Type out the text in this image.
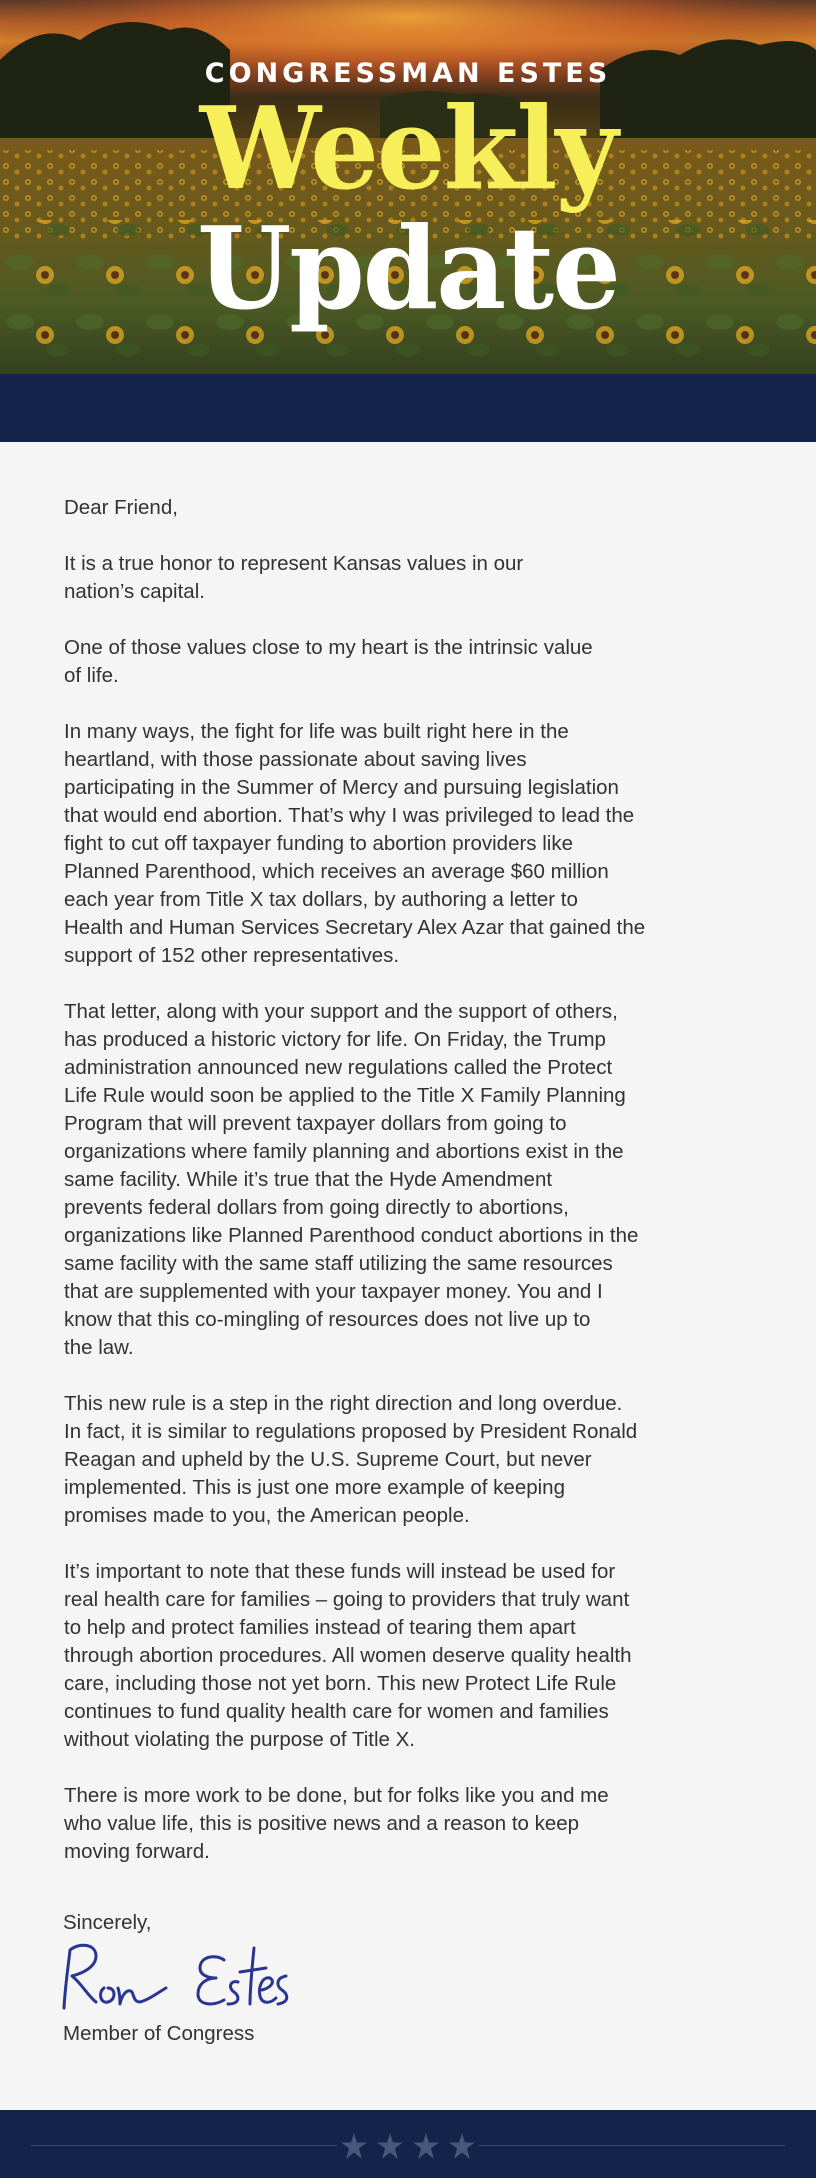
CONGRESSMAN ESTES
Weekly
Update
Dear Friend,
It is a true honor to represent Kansas values in our
nation’s capital.
One of those values close to my heart is the intrinsic value
of life.
In many ways, the fight for life was built right here in the
heartland, with those passionate about saving lives
participating in the Summer of Mercy and pursuing legislation
that would end abortion. That’s why I was privileged to lead the
fight to cut off taxpayer funding to abortion providers like
Planned Parenthood, which receives an average $60 million
each year from Title X tax dollars, by authoring a letter to
Health and Human Services Secretary Alex Azar that gained the
support of 152 other representatives.
That letter, along with your support and the support of others,
has produced a historic victory for life. On Friday, the Trump
administration announced new regulations called the Protect
Life Rule would soon be applied to the Title X Family Planning
Program that will prevent taxpayer dollars from going to
organizations where family planning and abortions exist in the
same facility. While it’s true that the Hyde Amendment
prevents federal dollars from going directly to abortions,
organizations like Planned Parenthood conduct abortions in the
same facility with the same staff utilizing the same resources
that are supplemented with your taxpayer money. You and I
know that this co-mingling of resources does not live up to
the law.
This new rule is a step in the right direction and long overdue.
In fact, it is similar to regulations proposed by President Ronald
Reagan and upheld by the U.S. Supreme Court, but never
implemented. This is just one more example of keeping
promises made to you, the American people.
It’s important to note that these funds will instead be used for
real health care for families – going to providers that truly want
to help and protect families instead of tearing them apart
through abortion procedures. All women deserve quality health
care, including those not yet born. This new Protect Life Rule
continues to fund quality health care for women and families
without violating the purpose of Title X.
There is more work to be done, but for folks like you and me
who value life, this is positive news and a reason to keep
moving forward.
Sincerely,
Ron Estes
Member of Congress
